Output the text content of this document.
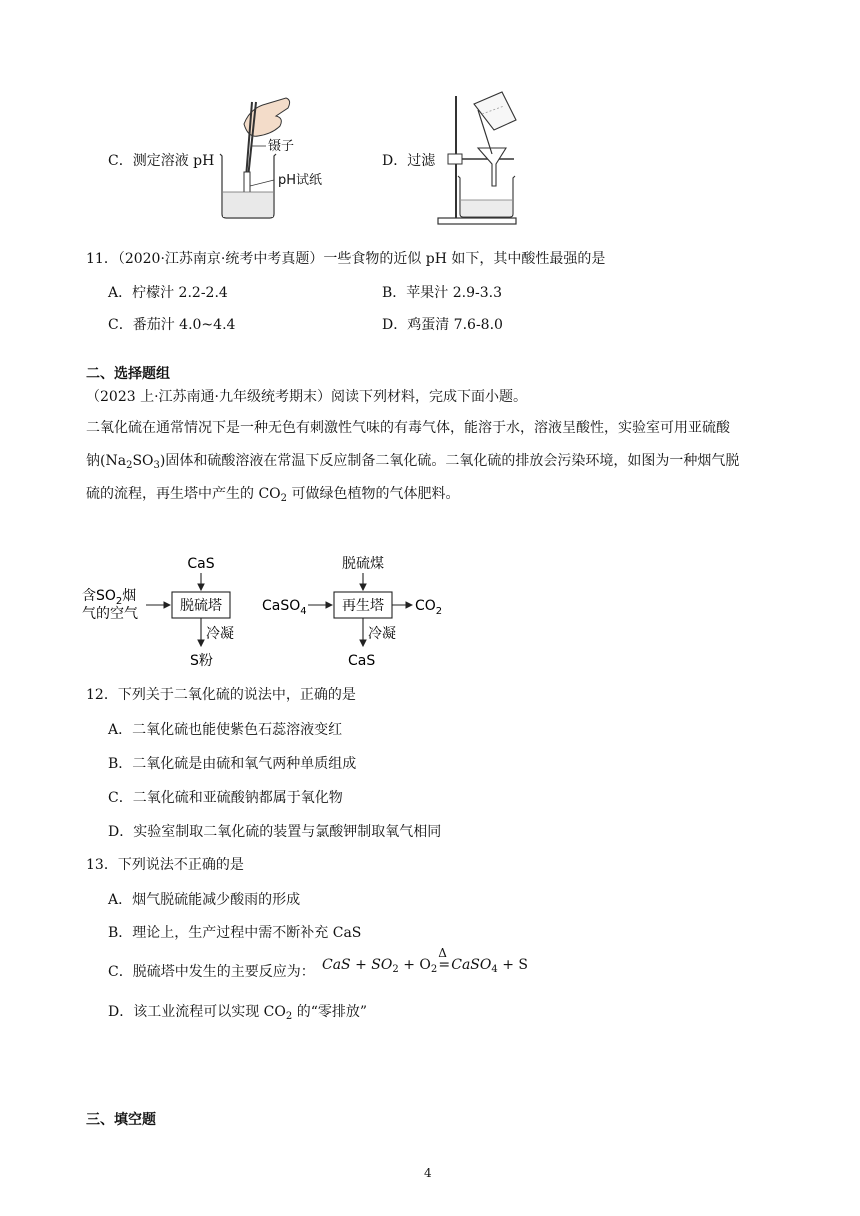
C．测定溶液 pH
镊子
pH试纸
D．过滤
11．（2020·江苏南京·统考中考真题）一些食物的近似 pH 如下，其中酸性最强的是
A．柠檬汁 2.2-2.4	B．苹果汁 2.9-3.3
C．番茄汁 4.0~4.4	D．鸡蛋清 7.6-8.0
二、选择题组
（2023 上·江苏南通·九年级统考期末）阅读下列材料，完成下面小题。
二氧化硫在通常情况下是一种无色有刺激性气味的有毒气体，能溶于水，溶液呈酸性，实验室可用亚硫酸
钠$(Na_2SO_3)$固体和硫酸溶液在常温下反应制备二氧化硫。二氧化硫的排放会污染环境，如图为一种烟气脱
硫的流程，再生塔中产生的 $CO_2$ 可做绿色植物的气体肥料。
含$SO_2$烟
气的空气	脱硫塔
CaS
冷凝
S粉
CaSO$_4$	再生塔
脱硫煤
$CO_2$
冷凝
CaS
12．下列关于二氧化硫的说法中，正确的是
A．二氧化硫也能使紫色石蕊溶液变红
B．二氧化硫是由硫和氧气两种单质组成
C．二氧化硫和亚硫酸钠都属于氧化物
D．实验室制取二氧化硫的装置与氯酸钾制取氧气相同
13．下列说法不正确的是
A．烟气脱硫能减少酸雨的形成
B．理论上，生产过程中需不断补充 CaS
C．脱硫塔中发生的主要反应为： CaS + $SO_2 + O_2$
Δ
=CaSO$_4$ + S
D．该工业流程可以实现 $CO_2$ 的“零排放”
三、填空题
4
